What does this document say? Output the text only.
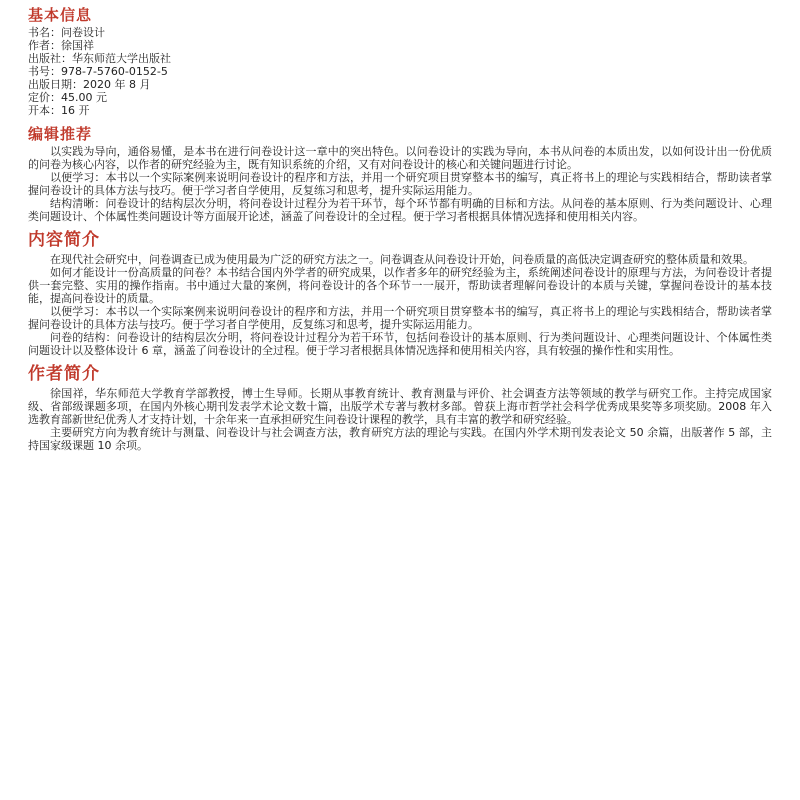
基本信息
书名：问卷设计
作者：徐国祥
出版社：华东师范大学出版社
书号：978-7-5760-0152-5
出版日期：2020 年 8 月
定价：45.00 元
开本：16 开
编辑推荐

以实践为导向，通俗易懂，是本书在进行问卷设计这一章中的突出特色。以问卷设计的实践为导向，本书从问卷的本质出发，以如何设计出一份优质的问卷为核心内容，以作者的研究经验为主，既有知识系统的介绍，又有对问卷设计的核心和关键问题进行讨论。

以便学习：本书以一个实际案例来说明问卷设计的程序和方法，并用一个研究项目贯穿整本书的编写，真正将书上的理论与实践相结合，帮助读者掌握问卷设计的具体方法与技巧。便于学习者自学使用，反复练习和思考，提升实际运用能力。

结构清晰：问卷设计的结构层次分明，将问卷设计过程分为若干环节，每个环节都有明确的目标和方法。从问卷的基本原则、行为类问题设计、心理类问题设计、个体属性类问题设计等方面展开论述，涵盖了问卷设计的全过程。便于学习者根据具体情况选择和使用相关内容。

内容简介

在现代社会研究中，问卷调查已成为使用最为广泛的研究方法之一。问卷调查从问卷设计开始，问卷质量的高低决定调查研究的整体质量和效果。

如何才能设计一份高质量的问卷？本书结合国内外学者的研究成果，以作者多年的研究经验为主，系统阐述问卷设计的原理与方法，为问卷设计者提供一套完整、实用的操作指南。书中通过大量的案例，将问卷设计的各个环节一一展开，帮助读者理解问卷设计的本质与关键，掌握问卷设计的基本技能，提高问卷设计的质量。

以便学习：本书以一个实际案例来说明问卷设计的程序和方法，并用一个研究项目贯穿整本书的编写，真正将书上的理论与实践相结合，帮助读者掌握问卷设计的具体方法与技巧。便于学习者自学使用，反复练习和思考，提升实际运用能力。

问卷的结构：问卷设计的结构层次分明，将问卷设计过程分为若干环节，包括问卷设计的基本原则、行为类问题设计、心理类问题设计、个体属性类问题设计以及整体设计 6 章，涵盖了问卷设计的全过程。便于学习者根据具体情况选择和使用相关内容，具有较强的操作性和实用性。

作者简介

徐国祥，华东师范大学教育学部教授，博士生导师。长期从事教育统计、教育测量与评价、社会调查方法等领域的教学与研究工作。主持完成国家级、省部级课题多项，在国内外核心期刊发表学术论文数十篇，出版学术专著与教材多部。曾获上海市哲学社会科学优秀成果奖等多项奖励。2008 年入选教育部新世纪优秀人才支持计划，十余年来一直承担研究生问卷设计课程的教学，具有丰富的教学和研究经验。

主要研究方向为教育统计与测量、问卷设计与社会调查方法，教育研究方法的理论与实践。在国内外学术期刊发表论文 50 余篇，出版著作 5 部，主持国家级课题 10 余项。
